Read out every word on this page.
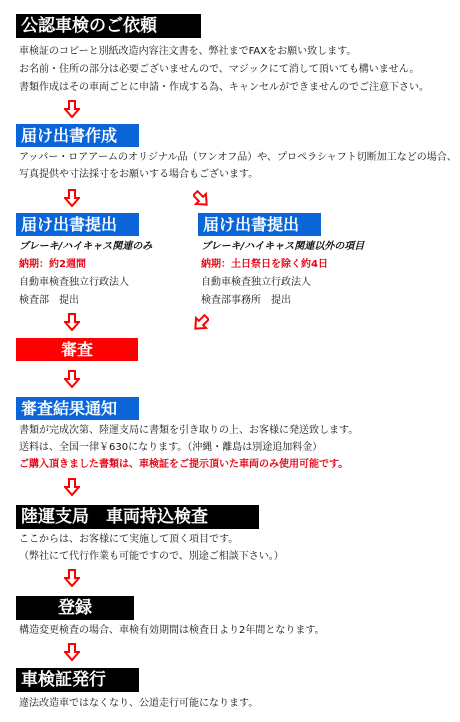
公認車検のご依頼
車検証のコピーと別紙改造内容注文書を、弊社までFAXをお願い致します。
お名前・住所の部分は必要ございませんので、マジックにて消して頂いても構いません。
書類作成はその車両ごとに申請・作成する為、キャンセルができませんのでご注意下さい。
届け出書作成
アッパー・ロアアームのオリジナル品（ワンオフ品）や、プロペラシャフト切断加工などの場合、
写真提供や寸法採寸をお願いする場合もございます。
届け出書提出
ブレーキ/ハイキャス関連のみ
納期：約2週間
自動車検査独立行政法人
検査部　提出
届け出書提出
ブレーキ/ハイキャス関連以外の項目
納期：土日祭日を除く約4日
自動車検査独立行政法人
検査部事務所　提出
審査
審査結果通知
書類が完成次第、陸運支局に書類を引き取りの上、お客様に発送致します。
送料は、全国一律￥630になります。（沖縄・離島は別途追加料金）
ご購入頂きました書類は、車検証をご提示頂いた車両のみ使用可能です。
陸運支局　車両持込検査
ここからは、お客様にて実施して頂く項目です。
（弊社にて代行作業も可能ですので、別途ご相談下さい。）
登録
構造変更検査の場合、車検有効期間は検査日より2年間となります。
車検証発行
違法改造車ではなくなり、公道走行可能になります。
